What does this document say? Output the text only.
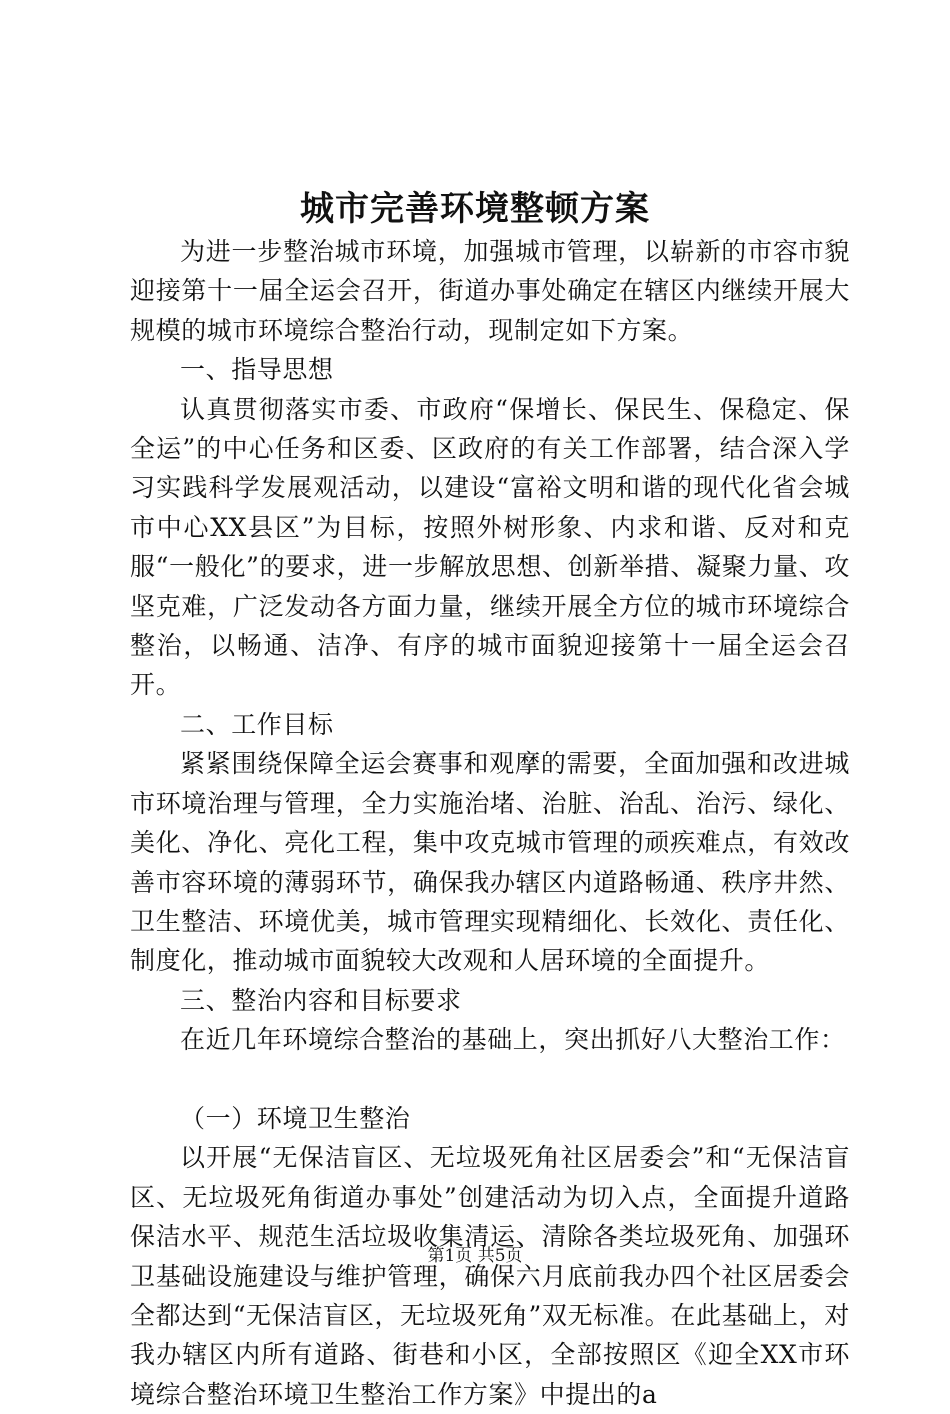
城市完善环境整顿方案

为进一步整治城市环境，加强城市管理，以崭新的市容市貌迎接第十一届全运会召开，街道办事处确定在辖区内继续开展大规模的城市环境综合整治行动，现制定如下方案。

一、指导思想

认真贯彻落实市委、市政府“保增长、保民生、保稳定、保全运”的中心任务和区委、区政府的有关工作部署，结合深入学习实践科学发展观活动，以建设“富裕文明和谐的现代化省会城市中心XX县区”为目标，按照外树形象、内求和谐、反对和克服“一般化”的要求，进一步解放思想、创新举措、凝聚力量、攻坚克难，广泛发动各方面力量，继续开展全方位的城市环境综合整治，以畅通、洁净、有序的城市面貌迎接第十一届全运会召开。

二、工作目标

紧紧围绕保障全运会赛事和观摩的需要，全面加强和改进城市环境治理与管理，全力实施治堵、治脏、治乱、治污、绿化、美化、净化、亮化工程，集中攻克城市管理的顽疾难点，有效改善市容环境的薄弱环节，确保我办辖区内道路畅通、秩序井然、卫生整洁、环境优美，城市管理实现精细化、长效化、责任化、制度化，推动城市面貌较大改观和人居环境的全面提升。

三、整治内容和目标要求

在近几年环境综合整治的基础上，突出抓好八大整治工作：

（一）环境卫生整治

以开展“无保洁盲区、无垃圾死角社区居委会”和“无保洁盲区、无垃圾死角街道办事处”创建活动为切入点，全面提升道路保洁水平、规范生活垃圾收集清运、清除各类垃圾死角、加强环卫基础设施建设与维护管理，确保六月底前我办四个社区居委会全都达到“无保洁盲区，无垃圾死角”双无标准。在此基础上，对我办辖区内所有道路、街巷和小区，全部按照区《迎全XX市环境综合整治环境卫生整治工作方案》中提出的a

第1页 共5页
